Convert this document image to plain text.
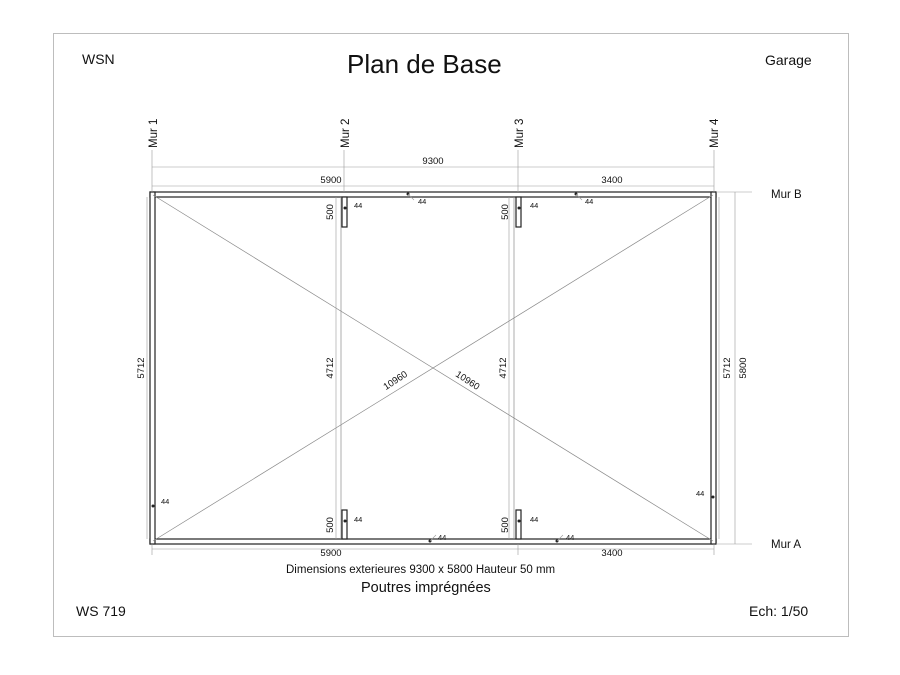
Mur 1	Mur 2	Mur 3	Mur 4
Mur B
Mur A
9300
5900	3400
5900	3400
5712	5712 5800
4712	4712
500	500
500	500
10960	10960
44	44
44	44
44	44
44	44
44
44
WSN	Plan de Base	Garage
Dimensions exterieures 9300 x 5800 Hauteur 50 mm
Poutres imprégnées
WS 719	Ech: 1/50
